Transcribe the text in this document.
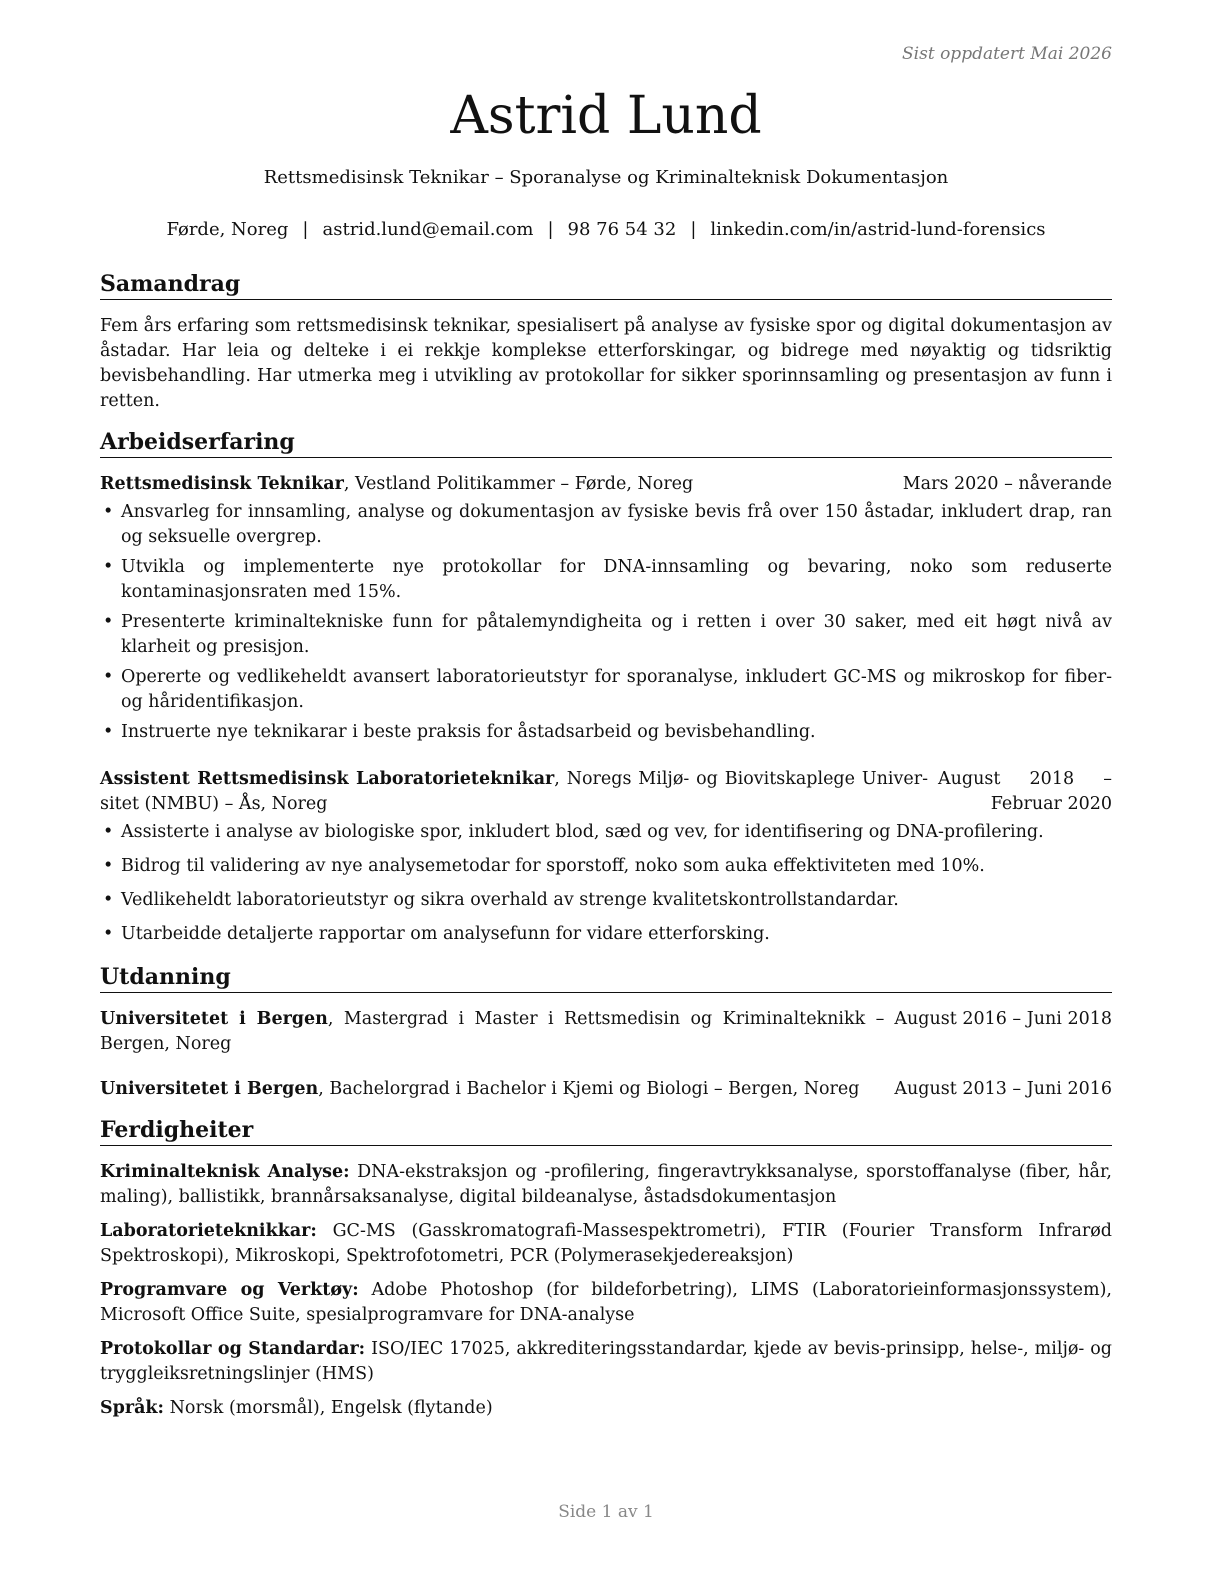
Sist oppdatert Mai 2026
Astrid Lund
Rettsmedisinsk Teknikar – Sporanalyse og Kriminalteknisk Dokumentasjon
Førde, Noreg | astrid.lund@email.com | 98 76 54 32 | linkedin.com/in/astrid-lund-forensics
Samandrag

Fem års erfaring som rettsmedisinsk teknikar, spesialisert på analyse av fysiske spor og digital dokumentasjon av åstadar. Har leia og delteke i ei rekkje komplekse etterforskingar, og bidrege med nøyaktig og tidsriktig bevisbehandling. Har utmerka meg i utvikling av protokollar for sikker sporinnsamling og presentasjon av funn i retten.

Arbeidserfaring
Rettsmedisinsk Teknikar, Vestland Politikammer – Førde, Noreg	Mars 2020 – nåverande
• Ansvarleg for innsamling, analyse og dokumentasjon av fysiske bevis frå over 150 åstadar, inkludert drap, ran og seksuelle overgrep.
• Utvikla og implementerte nye protokollar for DNA-innsamling og bevaring, noko som reduserte kontaminasjonsraten med 15%.
• Presenterte kriminaltekniske funn for påtalemyndigheita og i retten i over 30 saker, med eit høgt nivå av klarheit og presisjon.
• Opererte og vedlikeheldt avansert laboratorieutstyr for sporanalyse, inkludert GC-MS og mikroskop for fiber- og håridentifikasjon.
• Instruerte nye teknikarar i beste praksis for åstadsarbeid og bevisbehandling.
Assistent Rettsmedisinsk Laboratorieteknikar, Noregs Miljø- og Biovitskaplege Universitet (NMBU) – Ås, Noreg
August 2018 – Februar 2020
• Assisterte i analyse av biologiske spor, inkludert blod, sæd og vev, for identifisering og DNA-profilering.
• Bidrog til validering av nye analysemetodar for sporstoff, noko som auka effektiviteten med 10%.
• Vedlikeheldt laboratorieutstyr og sikra overhald av strenge kvalitetskontrollstandardar.
• Utarbeidde detaljerte rapportar om analysefunn for vidare etterforsking.
Utdanning
Universitetet i Bergen, Mastergrad i Master i Rettsmedisin og Kriminalteknikk – Bergen, Noreg
August 2016 – Juni 2018
Universitetet i Bergen, Bachelorgrad i Bachelor i Kjemi og Biologi – Bergen, Noreg	August 2013 – Juni 2016
Ferdigheiter

Kriminalteknisk Analyse: DNA-ekstraksjon og -profilering, fingeravtrykksanalyse, sporstoffanalyse (fiber, hår, maling), ballistikk, brannårsaksanalyse, digital bildeanalyse, åstadsdokumentasjon

Laboratorieteknikkar: GC-MS (Gasskromatografi-Massespektrometri), FTIR (Fourier Transform Infrarød Spektroskopi), Mikroskopi, Spektrofotometri, PCR (Polymerasekjedereaksjon)

Programvare og Verktøy: Adobe Photoshop (for bildeforbetring), LIMS (Laboratorieinformasjonssystem), Microsoft Office Suite, spesialprogramvare for DNA-analyse

Protokollar og Standardar: ISO/IEC 17025, akkrediteringsstandardar, kjede av bevis-prinsipp, helse-, miljø- og tryggleiksretningslinjer (HMS)

Språk: Norsk (morsmål), Engelsk (flytande)

Side 1 av 1
